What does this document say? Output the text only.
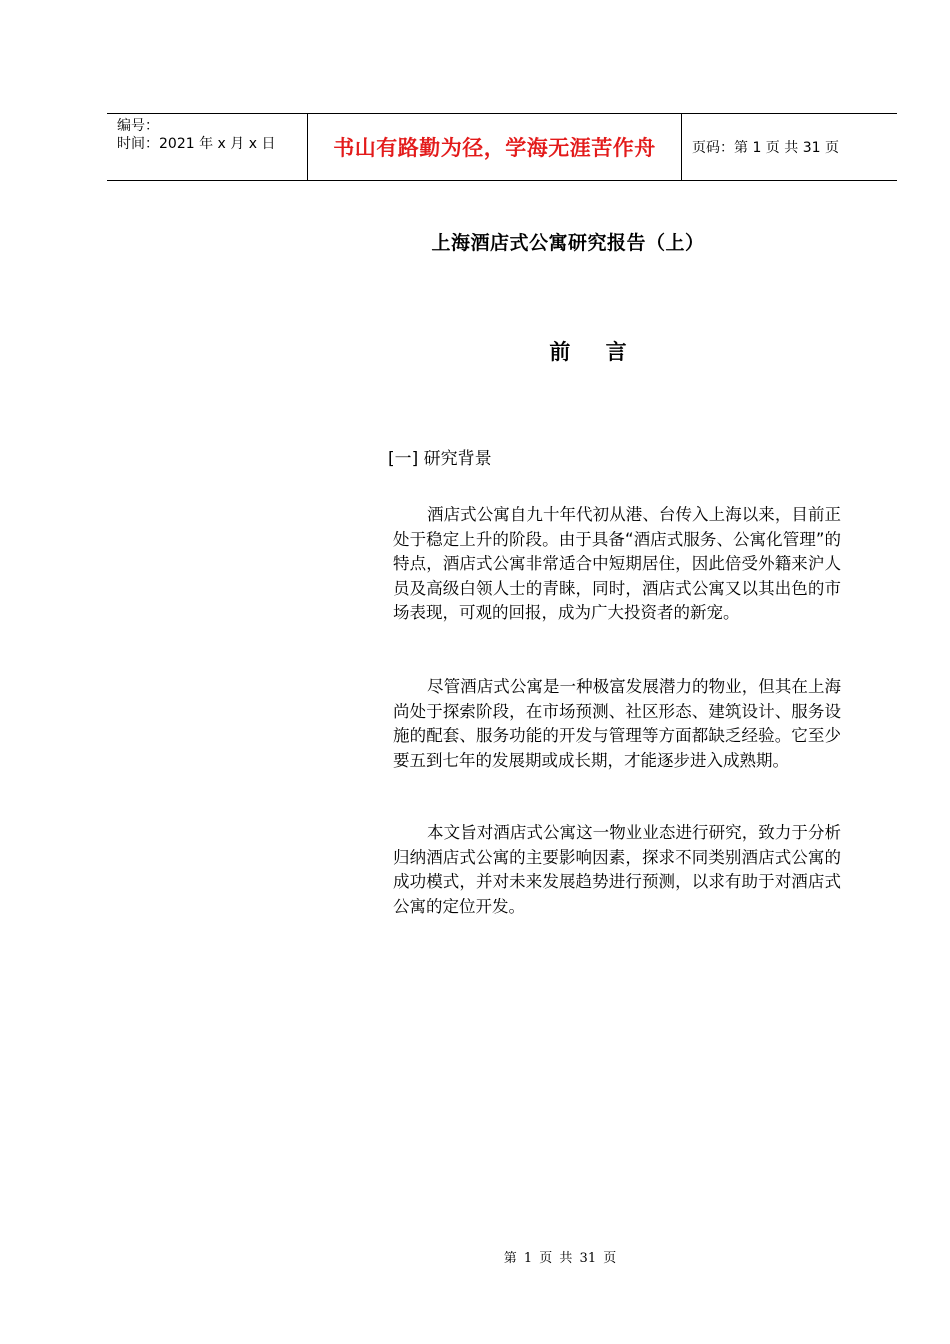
编号：
时间：2021 年 x 月 x 日	书山有路勤为径，学海无涯苦作舟	页码：第 1 页 共 31 页
上海酒店式公寓研究报告（上）
前 言
[一] 研究背景

酒店式公寓自九十年代初从港、台传入上海以来，目前正处于稳定上升的阶段。由于具备“酒店式服务、公寓化管理”的特点，酒店式公寓非常适合中短期居住，因此倍受外籍来沪人员及高级白领人士的青睐，同时，酒店式公寓又以其出色的市场表现，可观的回报，成为广大投资者的新宠。

尽管酒店式公寓是一种极富发展潜力的物业，但其在上海尚处于探索阶段，在市场预测、社区形态、建筑设计、服务设施的配套、服务功能的开发与管理等方面都缺乏经验。它至少要五到七年的发展期或成长期，才能逐步进入成熟期。

本文旨对酒店式公寓这一物业业态进行研究，致力于分析归纳酒店式公寓的主要影响因素，探求不同类别酒店式公寓的成功模式，并对未来发展趋势进行预测，以求有助于对酒店式公寓的定位开发。

第 1 页 共 31 页
